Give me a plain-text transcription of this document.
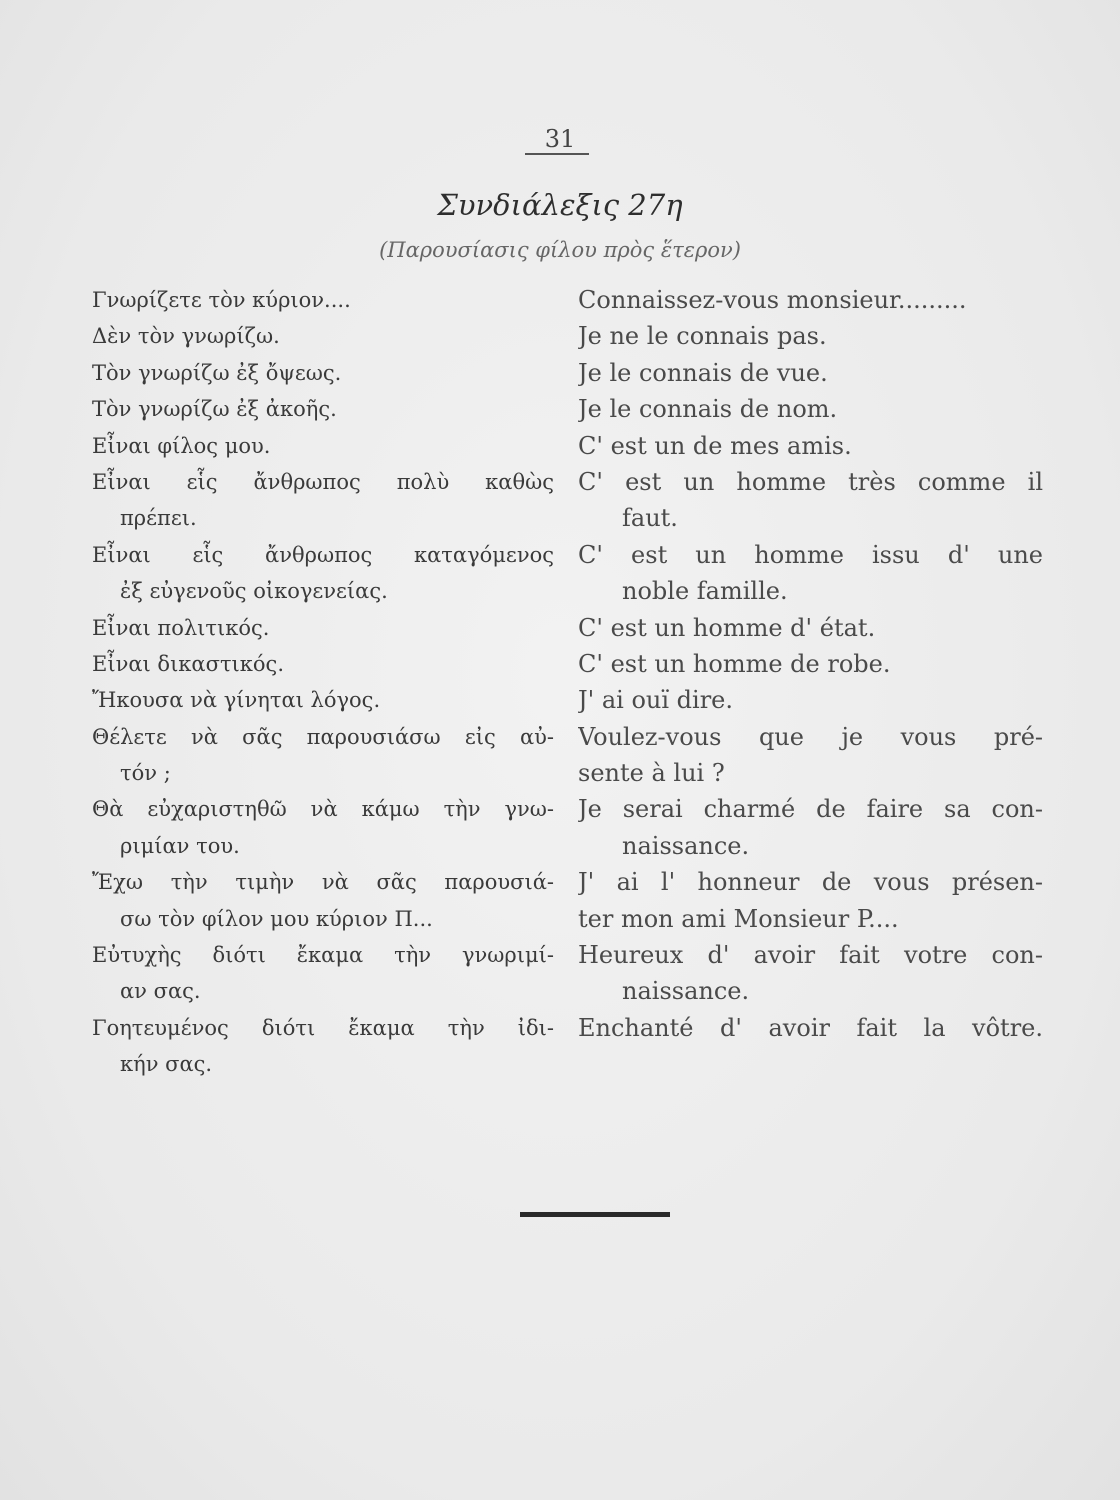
31
Συνδιάλεξις 27η
(Παρουσίασις φίλου πρὸς ἕτερον)
Γνωρίζετε τὸν κύριον....
Δὲν τὸν γνωρίζω.
Τὸν γνωρίζω ἐξ ὄψεως.
Τὸν γνωρίζω ἐξ ἀκοῆς.
Εἶναι φίλος μου.
Εἶναι εἷς ἄνθρωπος πολὺ καθὼς
πρέπει.
Εἶναι εἷς ἄνθρωπος καταγόμενος
ἐξ εὐγενοῦς οἰκογενείας.
Εἶναι πολιτικός.
Εἶναι δικαστικός.
Ἤκουσα νὰ γίνηται λόγος.
Θέλετε νὰ σᾶς παρουσιάσω εἰς αὐ-
τόν ;
Θὰ εὐχαριστηθῶ νὰ κάμω τὴν γνω-
ριμίαν του.
Ἔχω τὴν τιμὴν νὰ σᾶς παρουσιά-
σω τὸν φίλον μου κύριον Π...
Εὐτυχὴς διότι ἔκαμα τὴν γνωριμί-
αν σας.
Γοητευμένος διότι ἔκαμα τὴν ἰδι-
κήν σας.
Connaissez-vous monsieur.........
Je ne le connais pas.
Je le connais de vue.
Je le connais de nom.
C' est un de mes amis.
C' est un homme très comme il
faut.
C' est un homme issu d' une
noble famille.
C' est un homme d' état.
C' est un homme de robe.
J' ai ouï dire.
Voulez-vous que je vous pré-
sente à lui ?
Je serai charmé de faire sa con-
naissance.
J' ai l' honneur de vous présen-
ter mon ami Monsieur P....
Heureux d' avoir fait votre con-
naissance.
Enchanté d' avoir fait la vôtre.
